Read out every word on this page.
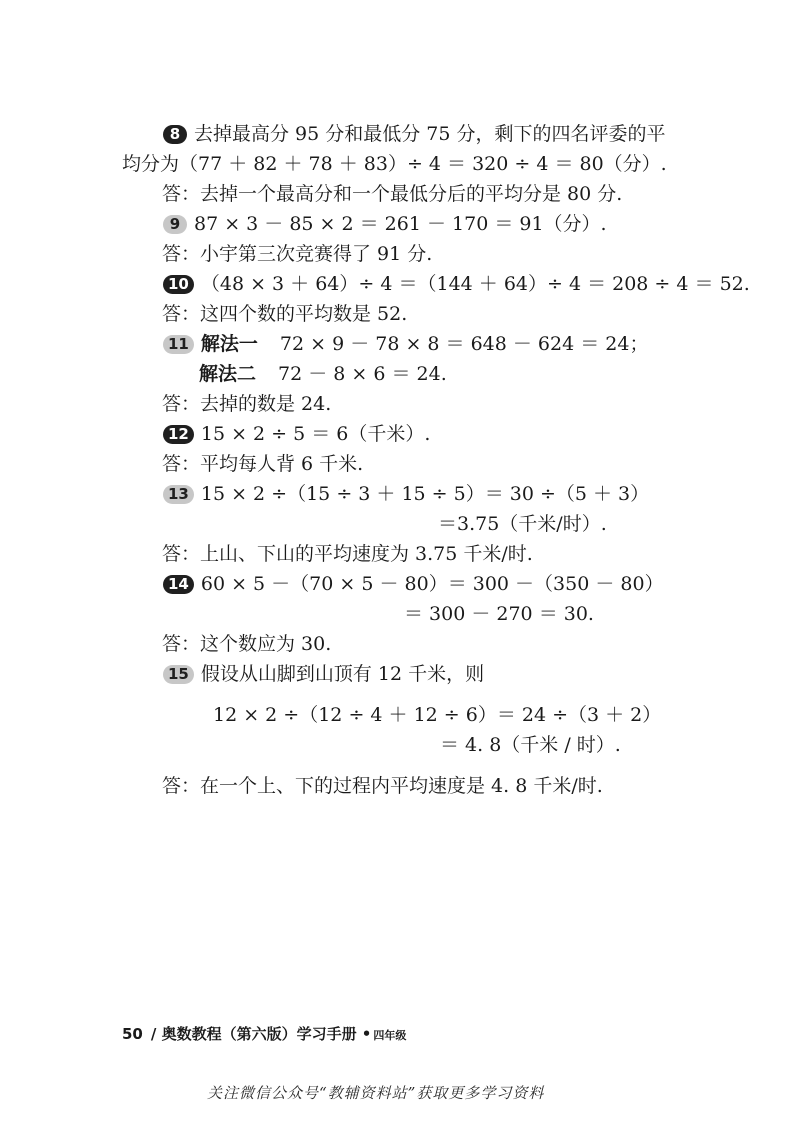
8 去掉最高分 95 分和最低分 75 分，剩下的四名评委的平
均分为（77 ＋ 82 ＋ 78 ＋ 83）÷ 4 ＝ 320 ÷ 4 ＝ 80（分）.
答：去掉一个最高分和一个最低分后的平均分是 80 分.
9 87 × 3 － 85 × 2 ＝ 261 － 170 ＝ 91（分）.
答：小宇第三次竞赛得了 91 分.
10 （48 × 3 ＋ 64）÷ 4 ＝（144 ＋ 64）÷ 4 ＝ 208 ÷ 4 ＝ 52.
答：这四个数的平均数是 52.
11 解法一 72 × 9 － 78 × 8 ＝ 648 － 624 ＝ 24；
解法二 72 － 8 × 6 ＝ 24.
答：去掉的数是 24.
12 15 × 2 ÷ 5 ＝ 6（千米）.
答：平均每人背 6 千米.
13 15 × 2 ÷（15 ÷ 3 ＋ 15 ÷ 5）＝ 30 ÷（5 ＋ 3）
＝3.75（千米/时）.
答：上山、下山的平均速度为 3.75 千米/时.
14 60 × 5 －（70 × 5 － 80）＝ 300 －（350 － 80）
＝ 300 － 270 ＝ 30.
答：这个数应为 30.
15 假设从山脚到山顶有 12 千米，则
12 × 2 ÷（12 ÷ 4 ＋ 12 ÷ 6）＝ 24 ÷（3 ＋ 2）
＝ 4. 8（千米 / 时）.
答：在一个上、下的过程内平均速度是 4. 8 千米/时.
50 / 奥数教程（第六版）学习手册 • 四年级
关注微信公众号“教辅资料站”获取更多学习资料
